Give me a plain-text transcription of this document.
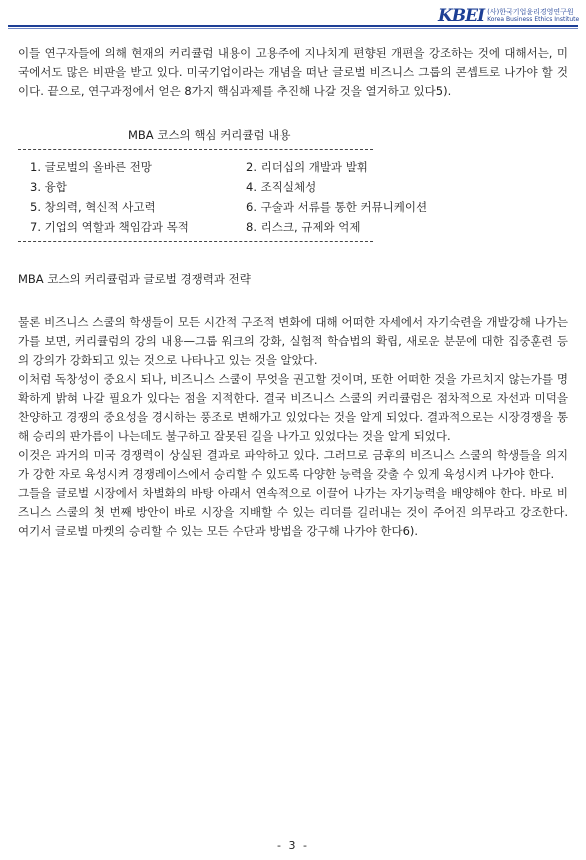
KBEI (사)한국기업윤리경영연구원
Korea Business Ethics Institute

이들 연구자들에 의해 현재의 커리큘럼 내용이 고용주에 지나치게 편향된 개편을 강조하는 것에 대해서는, 미국에서도 많은 비판을 받고 있다. 미국기업이라는 개념을 떠난 글로벌 비즈니스 그룹의 콘셉트로 나가야 할 것이다. 끝으로, 연구과정에서 얻은 8가지 핵심과제를 추진해 나갈 것을 열거하고 있다5).

MBA 코스의 핵심 커리큘럼 내용
1. 글로벌의 올바른 전망	2. 리더십의 개발과 발휘
3. 융합	4. 조직실체성
5. 창의력, 혁신적 사고력	6. 구술과 서류를 통한 커뮤니케이션
7. 기업의 역할과 책임감과 목적	8. 리스크, 규제와 억제
MBA 코스의 커리큘럼과 글로벌 경쟁력과 전략

물론 비즈니스 스쿨의 학생들이 모든 시간적 구조적 변화에 대해 어떠한 자세에서 자기숙련을 개발강해 나가는 가를 보면, 커리큘럼의 강의 내용—그룹 워크의 강화, 실험적 학습법의 확립, 새로운 분문에 대한 집중훈련 등의 강의가 강화되고 있는 것으로 나타나고 있는 것을 알았다.

이처럼 독창성이 중요시 되나, 비즈니스 스쿨이 무엇을 권고할 것이며, 또한 어떠한 것을 가르치지 않는가를 명확하게 밝혀 나갈 필요가 있다는 점을 지적한다. 결국 비즈니스 스쿨의 커리큘럼은 점차적으로 자선과 미덕을 찬양하고 경쟁의 중요성을 경시하는 풍조로 변해가고 있었다는 것을 알게 되었다. 결과적으로는 시장경쟁을 통해 승리의 판가름이 나는데도 불구하고 잘못된 길을 나가고 있었다는 것을 알게 되었다.

이것은 과거의 미국 경쟁력이 상실된 결과로 파악하고 있다. 그러므로 금후의 비즈니스 스쿨의 학생들을 의지가 강한 자로 육성시켜 경쟁레이스에서 승리할 수 있도록 다양한 능력을 갖출 수 있게 육성시켜 나가야 한다.

그들을 글로벌 시장에서 차별화의 바탕 아래서 연속적으로 이끌어 나가는 자기능력을 배양해야 한다. 바로 비즈니스 스쿨의 첫 번째 방안이 바로 시장을 지배할 수 있는 리더를 길러내는 것이 주어진 의무라고 강조한다. 여기서 글로벌 마켓의 승리할 수 있는 모든 수단과 방법을 강구해 나가야 한다6).

- 3 -
